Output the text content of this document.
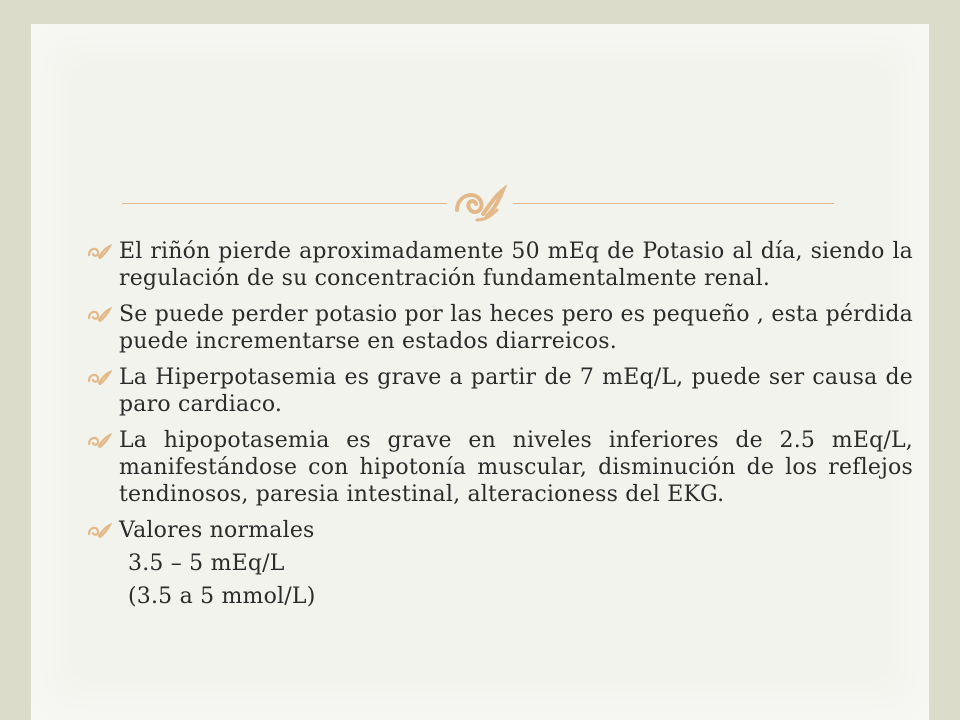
El riñón pierde aproximadamente 50 mEq de Potasio al día, siendo la regulación de su concentración fundamentalmente renal.
Se puede perder potasio por las heces pero es pequeño , esta pérdida puede incrementarse en estados diarreicos.
La Hiperpotasemia es grave a partir de 7 mEq/L, puede ser causa de paro cardiaco.
La hipopotasemia es grave en niveles inferiores de 2.5 mEq/L, manifestándose con hipotonía muscular, disminución de los reflejos tendinosos, paresia intestinal, alteracioness del EKG.
Valores normales
3.5 – 5 mEq/L
(3.5 a 5 mmol/L)
